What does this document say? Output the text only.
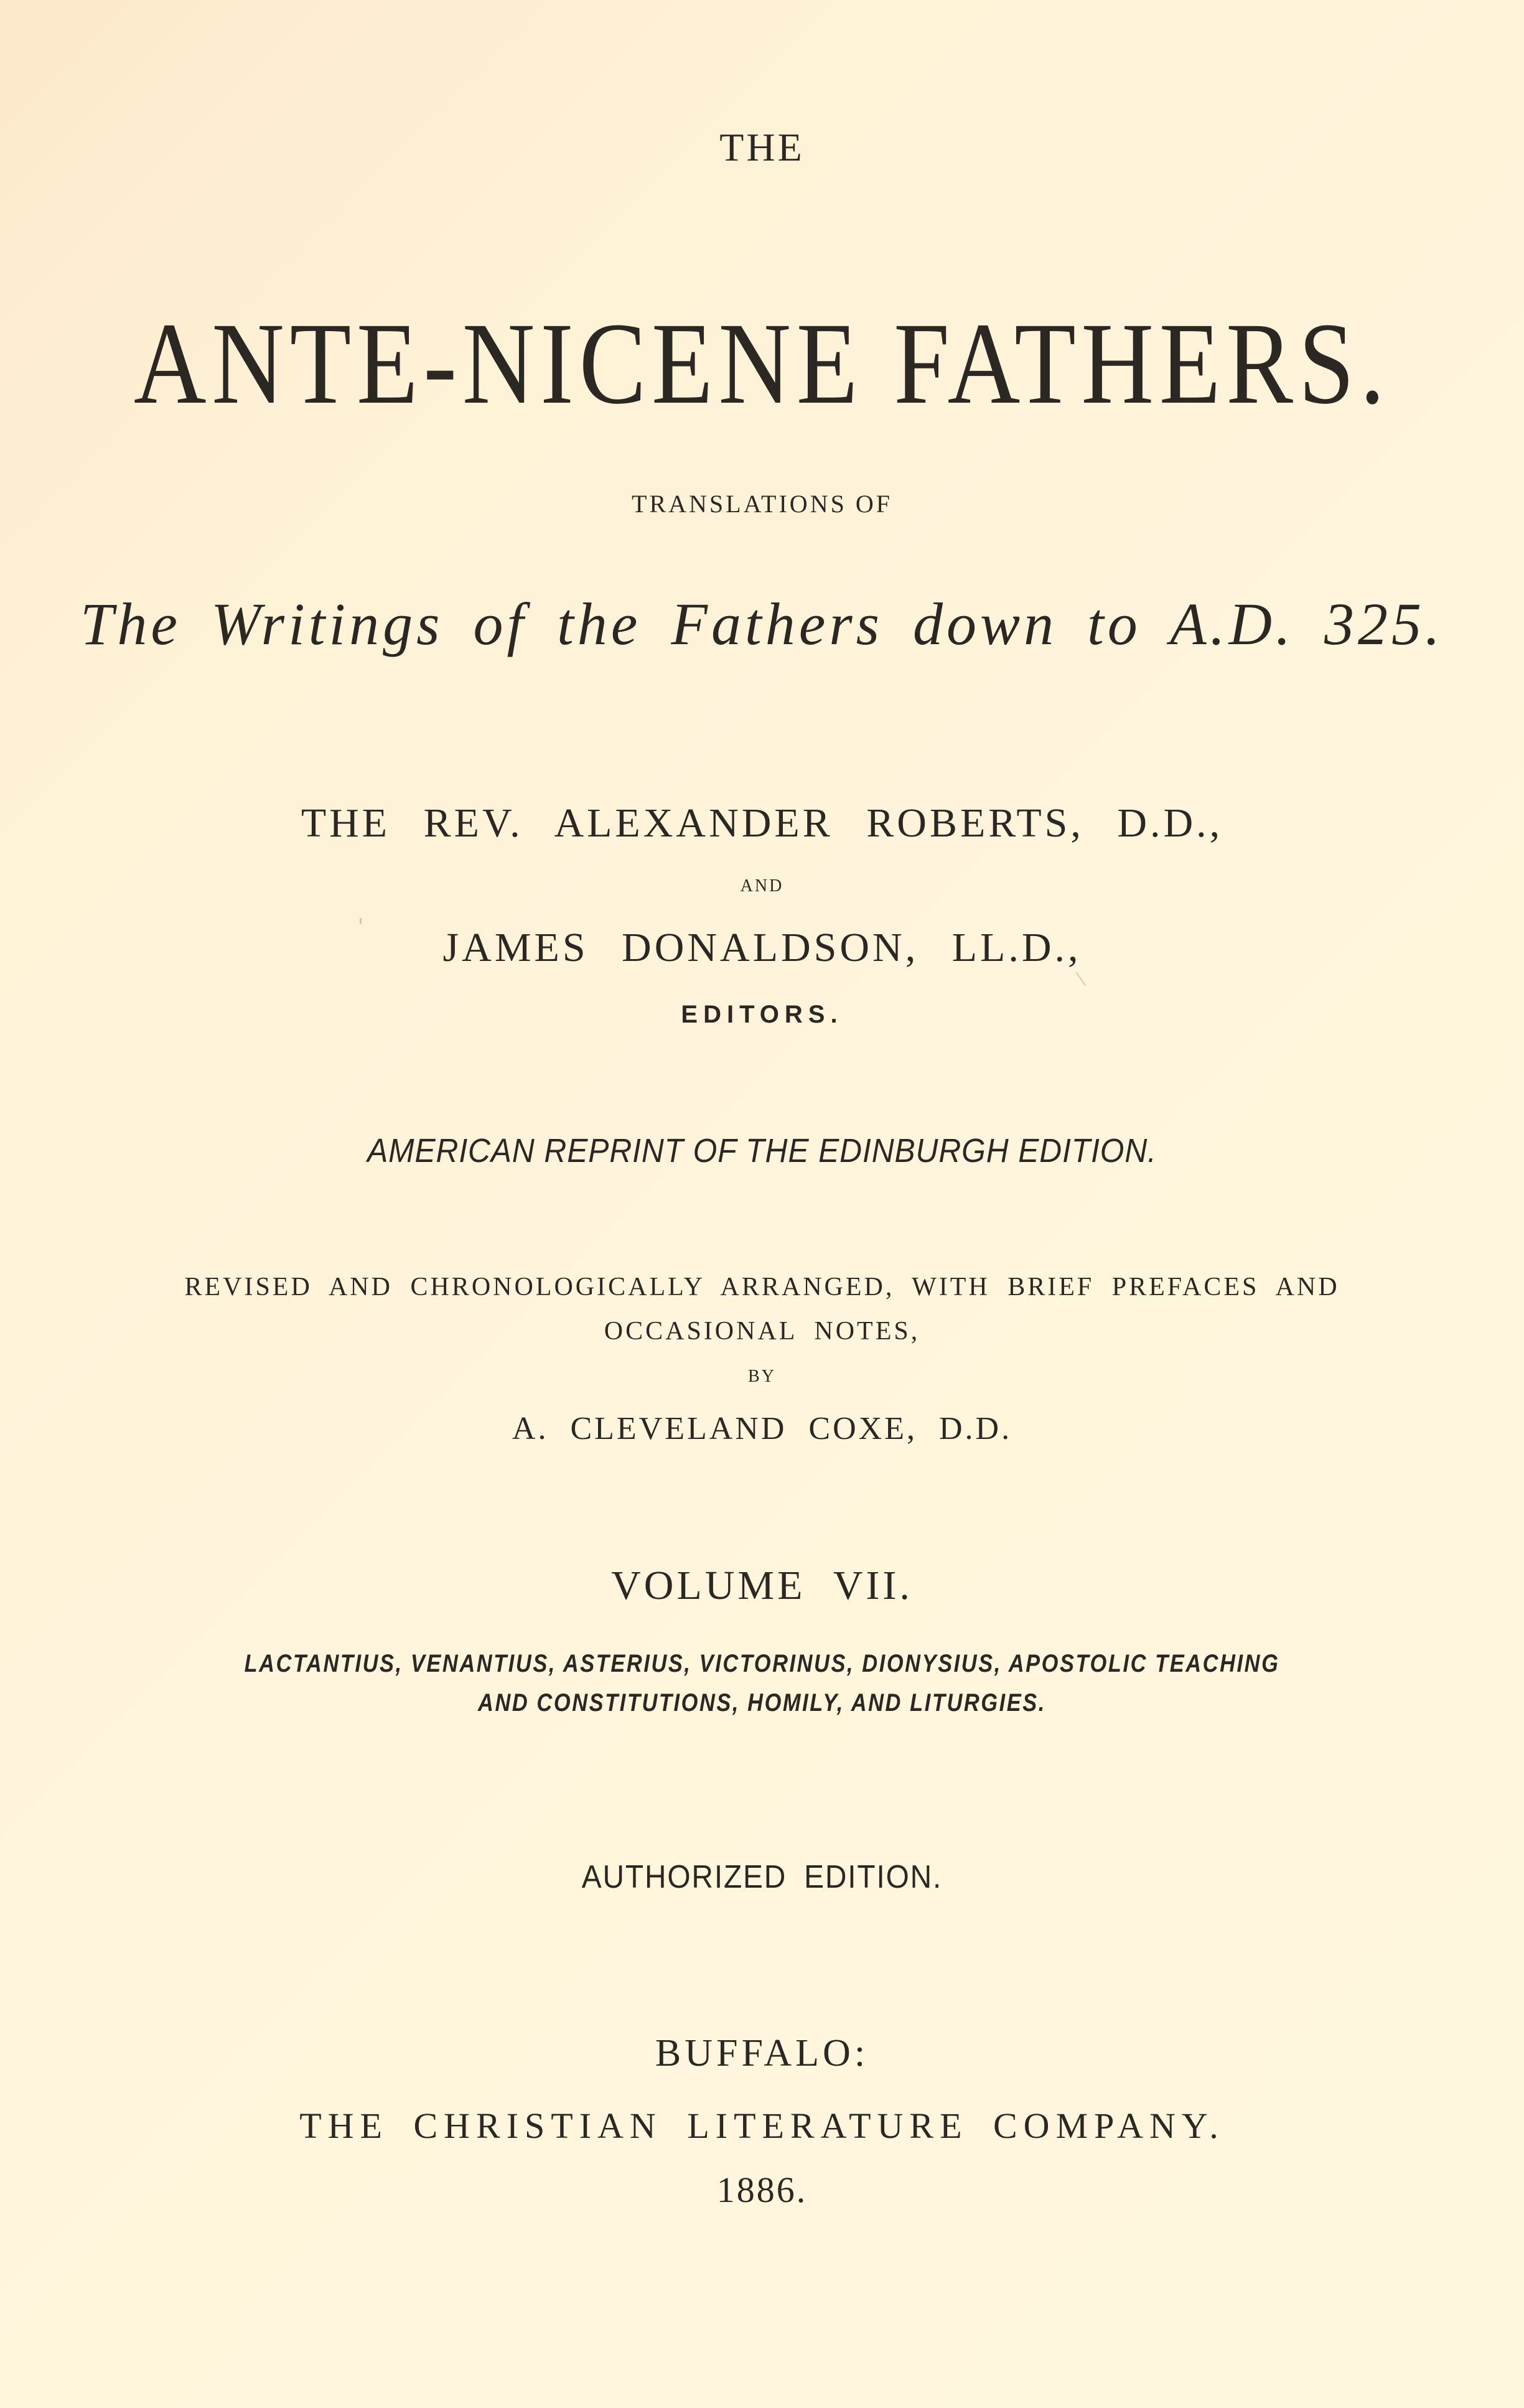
THE
ANTE-NICENE FATHERS.
TRANSLATIONS OF
The Writings of the Fathers down to A.D. 325.
THE REV. ALEXANDER ROBERTS, D.D.,
AND
JAMES DONALDSON, LL.D.,
EDITORS.
AMERICAN REPRINT OF THE EDINBURGH EDITION.
REVISED AND CHRONOLOGICALLY ARRANGED, WITH BRIEF PREFACES AND
OCCASIONAL NOTES,
BY
A. CLEVELAND COXE, D.D.
VOLUME VII.
LACTANTIUS, VENANTIUS, ASTERIUS, VICTORINUS, DIONYSIUS, APOSTOLIC TEACHING
AND CONSTITUTIONS, HOMILY, AND LITURGIES.
AUTHORIZED EDITION.
BUFFALO:
THE CHRISTIAN LITERATURE COMPANY.
1886.
